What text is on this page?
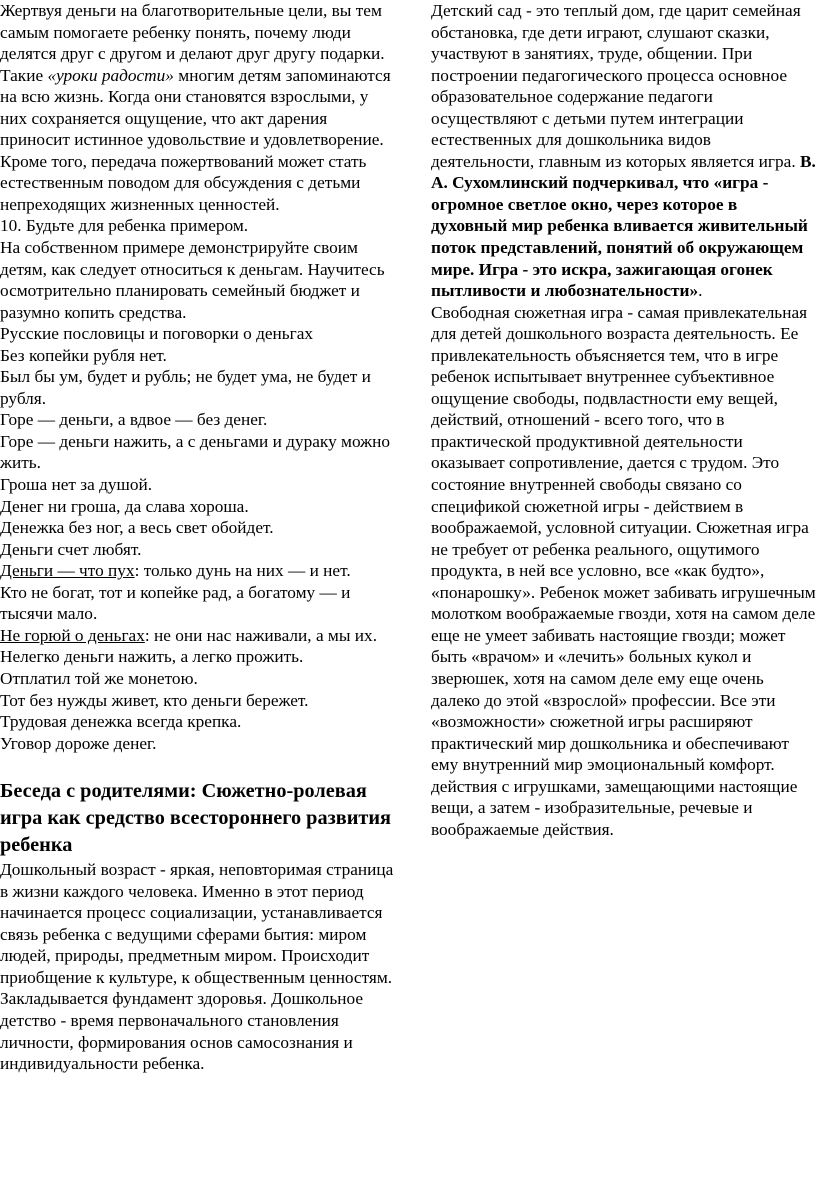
Жертвуя деньги на благотворительные цели, вы тем самым помогаете ребенку понять, почему люди делятся друг с другом и делают друг другу подарки.

Такие «уроки радости» многим детям запоминаются на всю жизнь. Когда они становятся взрослыми, у них сохраняется ощущение, что акт дарения приносит истинное удовольствие и удовлетворение.

Кроме того, передача пожертвований может стать естественным поводом для обсуждения с детьми непреходящих жизненных ценностей.

10. Будьте для ребенка примером.

На собственном примере демонстрируйте своим детям, как следует относиться к деньгам. Научитесь осмотрительно планировать семейный бюджет и разумно копить средства.

Русские пословицы и поговорки о деньгах

Без копейки рубля нет.

Был бы ум, будет и рубль; не будет ума, не будет и рубля.

Горе — деньги, а вдвое — без денег.

Горе — деньги нажить, а с деньгами и дураку можно жить.

Гроша нет за душой.

Денег ни гроша, да слава хороша.

Денежка без ног, а весь свет обойдет.

Деньги счет любят.

Деньги — что пух: только дунь на них — и нет.

Кто не богат, тот и копейке рад, а богатому — и тысячи мало.

Не горюй о деньгах: не они нас наживали, а мы их.

Нелегко деньги нажить, а легко прожить.

Отплатил той же монетою.

Тот без нужды живет, кто деньги бережет.

Трудовая денежка всегда крепка.

Уговор дороже денег.

Беседа с родителями: Сюжетно-ролевая игра как средство всестороннего развития ребенка

Дошкольный возраст - яркая, неповторимая страница в жизни каждого человека. Именно в этот период начинается процесс социализации, устанавливается связь ребенка с ведущими сферами бытия: миром людей, природы, предметным миром. Происходит приобщение к культуре, к общественным ценностям. Закладывается фундамент здоровья. Дошкольное детство - время первоначального становления личности, формирования основ самосознания и индивидуальности ребенка.

Детский сад - это теплый дом, где царит семейная обстановка, где дети играют, слушают сказки, участвуют в занятиях, труде, общении. При построении педагогического процесса основное образовательное содержание педагоги осуществляют с детьми путем интеграции естественных для дошкольника видов деятельности, главным из которых является игра. В. А. Сухомлинский подчеркивал, что «игра - огромное светлое окно, через которое в духовный мир ребенка вливается живительный поток представлений, понятий об окружающем мире. Игра - это искра, зажигающая огонек пытливости и любознательности».

Свободная сюжетная игра - самая привлекательная для детей дошкольного возраста деятельность. Ее привлекательность объясняется тем, что в игре ребенок испытывает внутреннее субъективное ощущение свободы, подвластности ему вещей, действий, отношений - всего того, что в практической продуктивной деятельности оказывает сопротивление, дается с трудом. Это состояние внутренней свободы связано со спецификой сюжетной игры - действием в воображаемой, условной ситуации. Сюжетная игра не требует от ребенка реального, ощутимого продукта, в ней все условно, все «как будто», «понарошку». Ребенок может забивать игрушечным молотком воображаемые гвозди, хотя на самом деле еще не умеет забивать настоящие гвозди; может быть «врачом» и «лечить» больных кукол и зверюшек, хотя на самом деле ему еще очень далеко до этой «взрослой» профессии. Все эти «возможности» сюжетной игры расширяют практический мир дошкольника и обеспечивают ему внутренний мир эмоциональный комфорт.

действия с игрушками, замещающими настоящие вещи, а затем - изобразительные, речевые и воображаемые действия.
